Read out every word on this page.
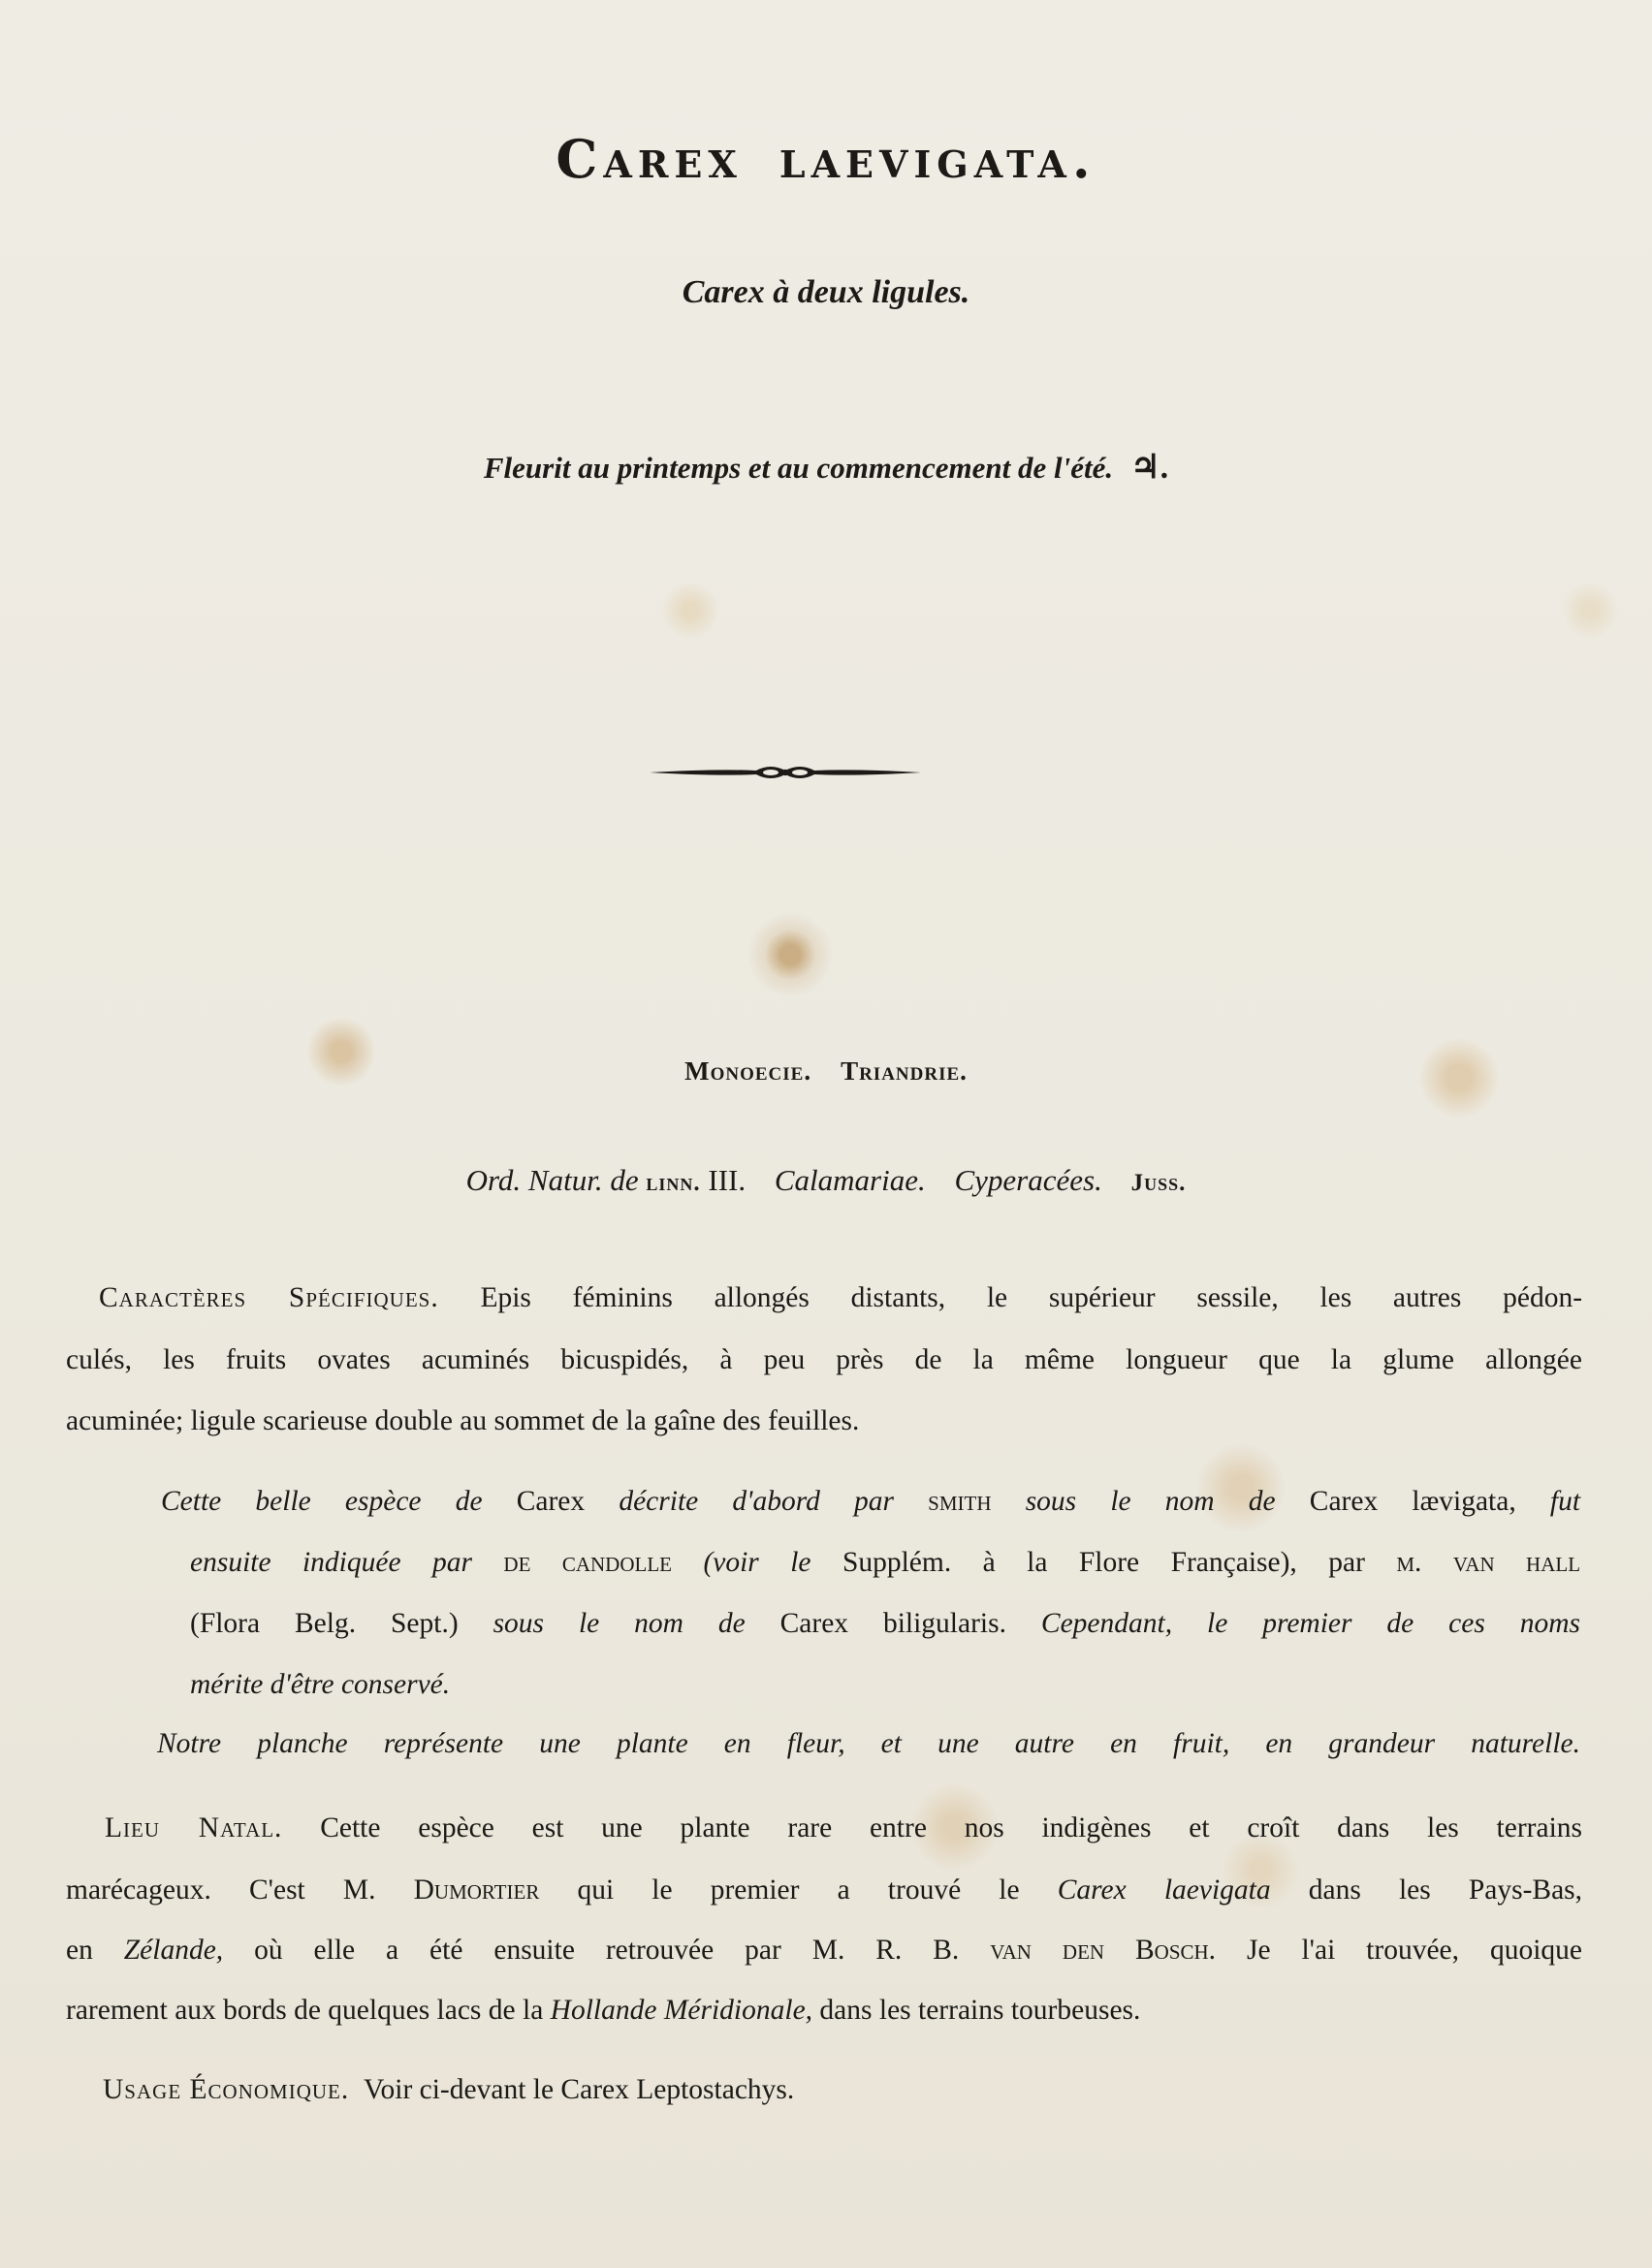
Carex laevigata.
Carex à deux ligules.
Fleurit au printemps et au commencement de l'été. ♃.
Monoecie. Triandrie.
Ord. Natur. de linn. III. Calamariae. Cyperacées. Juss.
Caractères Spécifiques. Epis féminins allongés distants, le supérieur sessile, les autres pédon-
culés, les fruits ovates acuminés bicuspidés, à peu près de la même longueur que la glume allongée
acuminée; ligule scarieuse double au sommet de la gaîne des feuilles.
Cette belle espèce de Carex décrite d'abord par smith sous le nom de Carex lævigata, fut
ensuite indiquée par de candolle (voir le Supplém. à la Flore Française), par m. van hall
(Flora Belg. Sept.) sous le nom de Carex biligularis. Cependant, le premier de ces noms
mérite d'être conservé.
Notre planche représente une plante en fleur, et une autre en fruit, en grandeur naturelle.
Lieu Natal. Cette espèce est une plante rare entre nos indigènes et croît dans les terrains
marécageux. C'est M. Dumortier qui le premier a trouvé le Carex laevigata dans les Pays-Bas,
en Zélande, où elle a été ensuite retrouvée par M. R. B. van den Bosch. Je l'ai trouvée, quoique
rarement aux bords de quelques lacs de la Hollande Méridionale, dans les terrains tourbeuses.
Usage Économique. Voir ci-devant le Carex Leptostachys.
